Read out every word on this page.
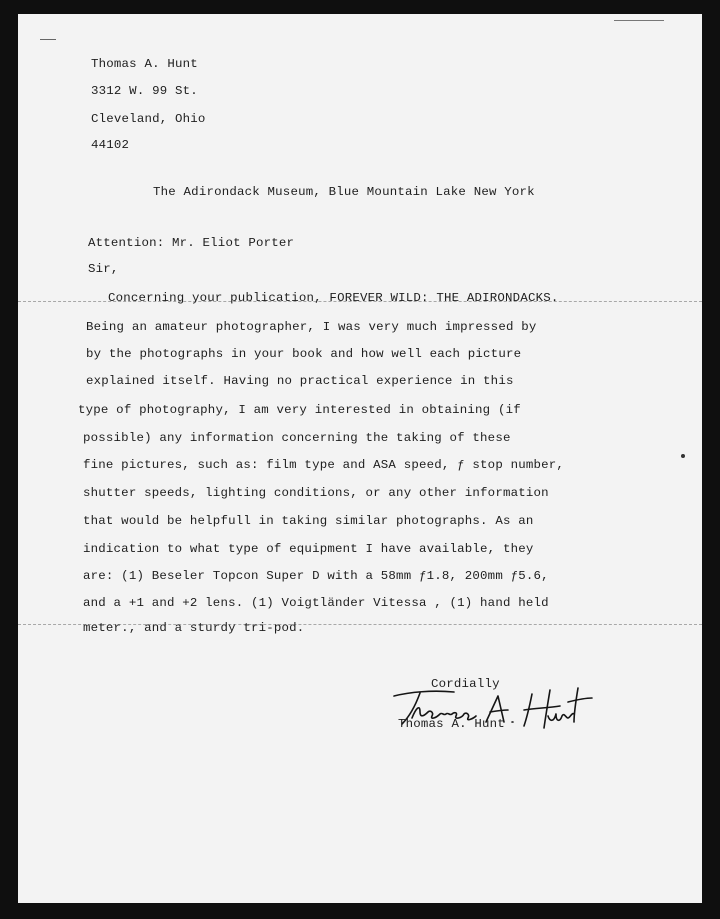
Thomas A. Hunt
3312 W. 99 St.
Cleveland, Ohio
44102
The Adirondack Museum, Blue Mountain Lake New York
Attention: Mr. Eliot Porter
Sir,
Concerning your publication, FOREVER WILD: THE ADIRONDACKS.
Being an amateur photographer, I was very much impressed by
by the photographs in your book and how well each picture
explained itself. Having no practical experience in this
type of photography, I am very interested in obtaining (if
possible) any information concerning the taking of these
fine pictures, such as: film type and ASA speed, ƒ stop number,
shutter speeds, lighting conditions, or any other information
that would be helpfull in taking similar photographs. As an
indication to what type of equipment I have available, they
are: (1) Beseler Topcon Super D with a 58mm ƒ1.8, 200mm ƒ5.6,
and a +1 and +2 lens. (1) Voigtländer Vitessa , (1) hand held
meter., and a sturdy tri-pod.
Cordially
Thomas A. Hunt
